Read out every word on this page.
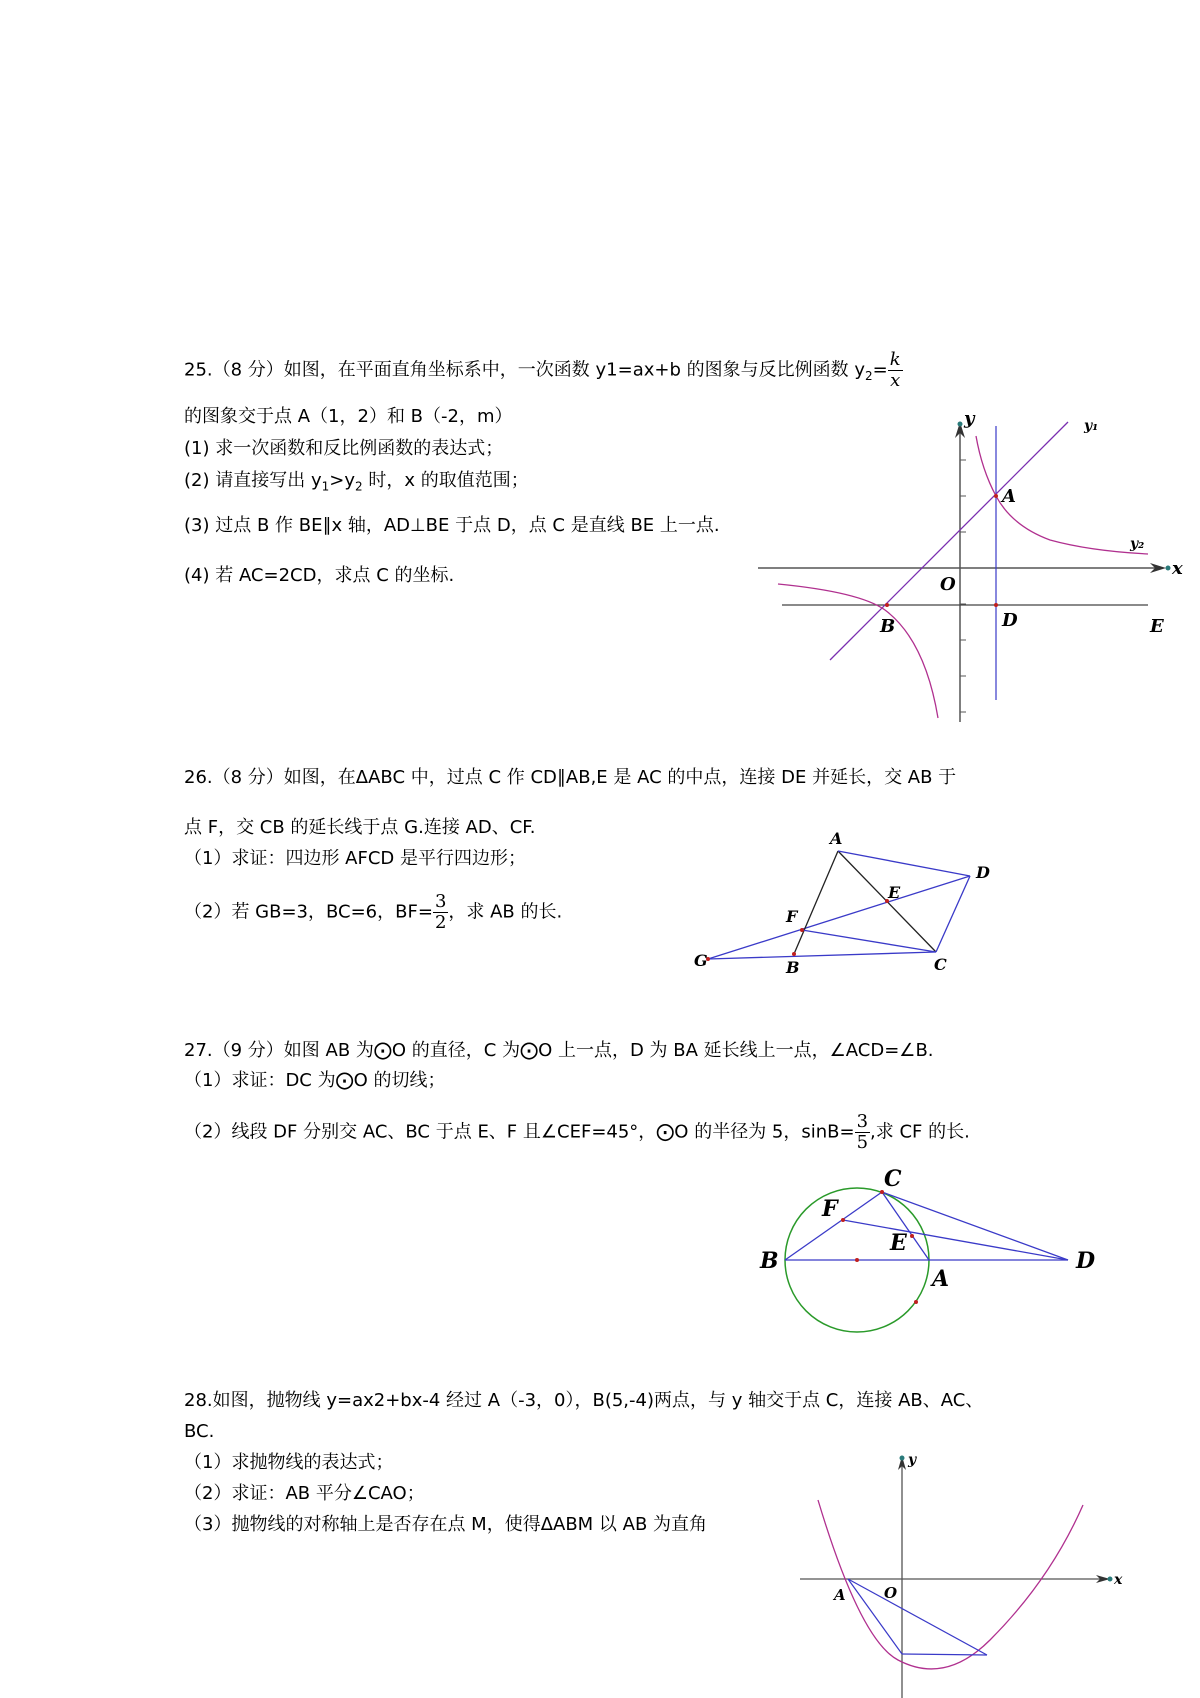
25.（8 分）如图，在平面直角坐标系中，一次函数 y1=ax+b 的图象与反比例函数 $y_2= \frac{k}{x}$
的图象交于点 A（1，2）和 B（-2，m）
(1) 求一次函数和反比例函数的表达式；
(2) 请直接写出 $y_1>y_2$ 时，x 的取值范围；
(3) 过点 B 作 BE∥x 轴，AD⊥BE 于点 D，点 C 是直线 BE 上一点.
(4) 若 AC=2CD，求点 C 的坐标.
y
x
y₁
y₂
A
O
B	D	E
26.（8 分）如图，在ΔABC 中，过点 C 作 CD∥AB,E 是 AC 的中点，连接 DE 并延长，交 AB 于
点 F，交 CB 的延长线于点 G.连接 AD、CF.
（1）求证：四边形 AFCD 是平行四边形；
（2）若 GB=3，BC=6，$BF= \frac{3}{2}$ ，求 AB 的长.
A
D
E
F
G	B	C
27.（9 分）如图 AB 为⨀O 的直径，C 为⨀O 上一点，D 为 BA 延长线上一点，∠ACD=∠B.
（1）求证：DC 为⨀O 的切线；
（2）线段 DF 分别交 AC、BC 于点 E、F 且∠CEF=45°，⨀O 的半径为 5，$\sin B= \frac{3}{5}$ ,求 CF 的长.
C
F
E
B
A
D
28.如图，抛物线 y=ax2+bx-4 经过 A（-3，0），B(5,-4)两点，与 y 轴交于点 C，连接 AB、AC、
BC.
（1）求抛物线的表达式；
（2）求证：AB 平分∠CAO；
（3）抛物线的对称轴上是否存在点 M，使得ΔABM 以 AB 为直角
y
x
A	O
